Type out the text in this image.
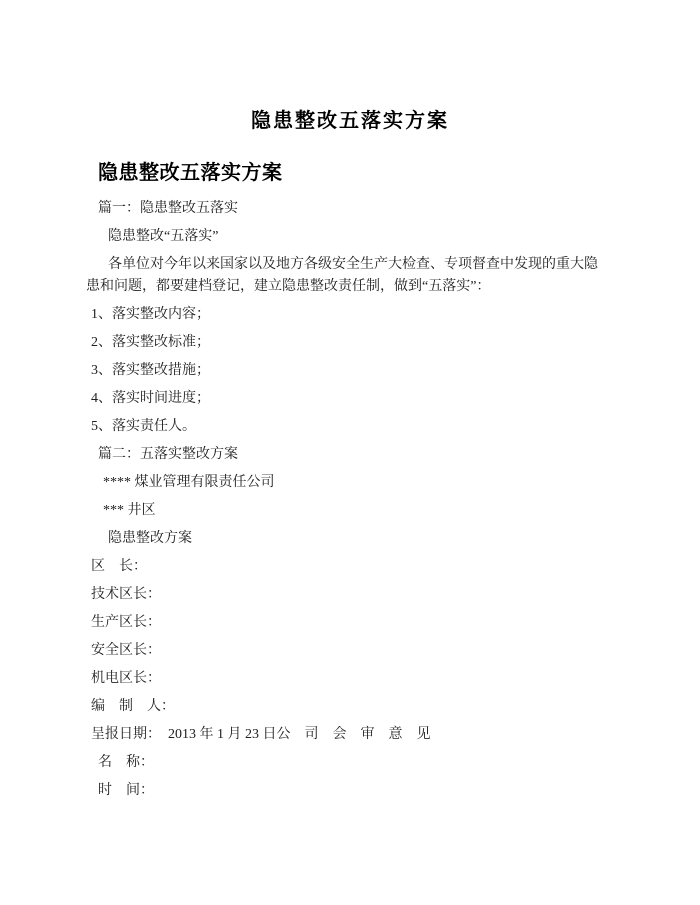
隐患整改五落实方案
隐患整改五落实方案

篇一：隐患整改五落实

隐患整改“五落实”

各单位对今年以来国家以及地方各级安全生产大检查、专项督查中发现的重大隐
患和问题，都要建档登记，建立隐患整改责任制，做到“五落实”：

1、落实整改内容；

2、落实整改标准；

3、落实整改措施；

4、落实时间进度；

5、落实责任人。

篇二：五落实整改方案

**** 煤业管理有限责任公司

*** 井区

隐患整改方案

区　长：

技术区长：

生产区长：

安全区长：

机电区长：

编　制　人：

呈报日期：　2013 年 1 月 23 日公　司　会　审　意　见

名　称：

时　间：
